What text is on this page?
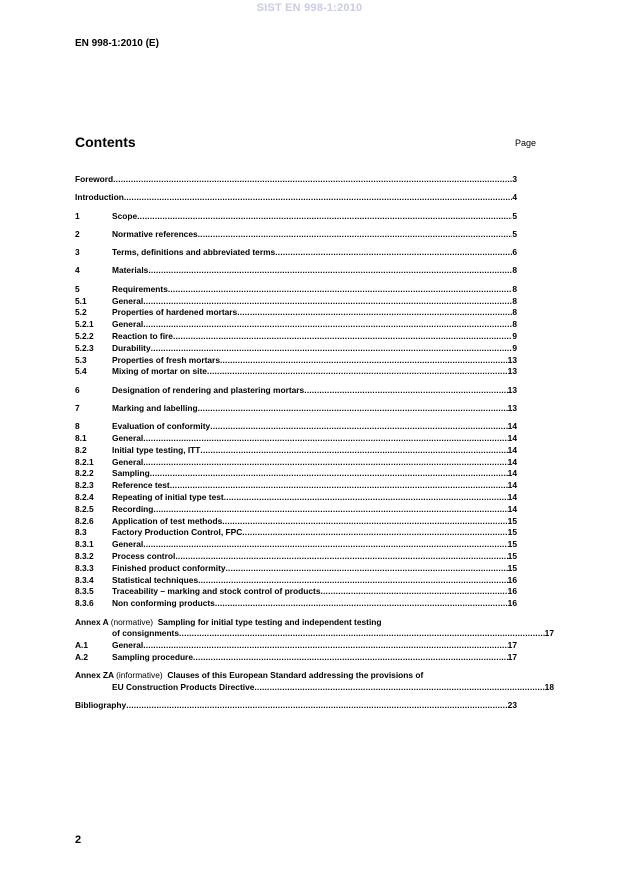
SIST EN 998-1:2010
EN 998-1:2010 (E)
Contents	Page
Foreword .....	3
Introduction .....	4
1	Scope .....	5
2	Normative references .....	5
3	Terms, definitions and abbreviated terms .....	6
4	Materials .....	8
5	Requirements .....	8
5.1	General .....	8
5.2	Properties of hardened mortars .....	8
5.2.1	General .....	8
5.2.2	Reaction to fire .....	9
5.2.3	Durability .....	9
5.3	Properties of fresh mortars .....	13
5.4	Mixing of mortar on site .....	13
6	Designation of rendering and plastering mortars .....	13
7	Marking and labelling .....	13
8	Evaluation of conformity .....	14
8.1	General .....	14
8.2	Initial type testing, ITT .....	14
8.2.1	General .....	14
8.2.2	Sampling .....	14
8.2.3	Reference test .....	14
8.2.4	Repeating of initial type test .....	14
8.2.5	Recording .....	14
8.2.6	Application of test methods .....	15
8.3	Factory Production Control, FPC .....	15
8.3.1	General .....	15
8.3.2	Process control .....	15
8.3.3	Finished product conformity .....	15
8.3.4	Statistical techniques .....	16
8.3.5	Traceability – marking and stock control of products .....	16
8.3.6	Non conforming products .....	16
Annex A (normative) Sampling for initial type testing and independent testing
of consignments .....	17
A.1	General .....	17
A.2	Sampling procedure .....	17
Annex ZA (informative) Clauses of this European Standard addressing the provisions of
EU Construction Products Directive .....	18
Bibliography .....	23
2
